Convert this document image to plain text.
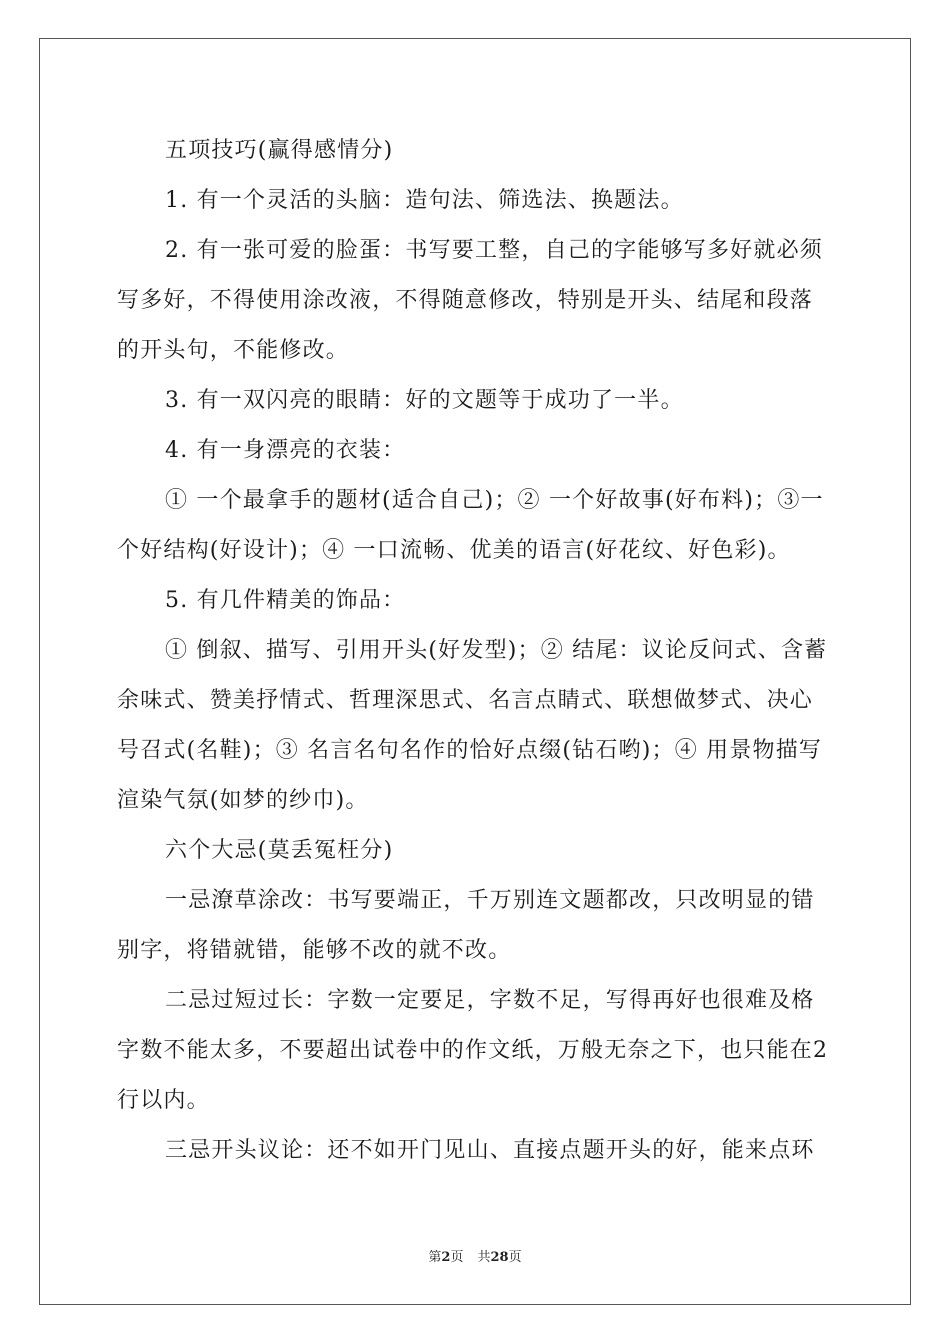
五项技巧(赢得感情分)

1. 有一个灵活的头脑：造句法、筛选法、换题法。

2. 有一张可爱的脸蛋：书写要工整，自己的字能够写多好就必须写多好，不得使用涂改液，不得随意修改，特别是开头、结尾和段落的开头句，不能修改。

3. 有一双闪亮的眼睛：好的文题等于成功了一半。

4. 有一身漂亮的衣装：

① 一个最拿手的题材(适合自己)；② 一个好故事(好布料)；③一个好结构(好设计)；④ 一口流畅、优美的语言(好花纹、好色彩)。

5. 有几件精美的饰品：

① 倒叙、描写、引用开头(好发型)；② 结尾：议论反问式、含蓄余味式、赞美抒情式、哲理深思式、名言点睛式、联想做梦式、决心号召式(名鞋)；③ 名言名句名作的恰好点缀(钻石哟)；④ 用景物描写渲染气氛(如梦的纱巾)。

六个大忌(莫丢冤枉分)

一忌潦草涂改：书写要端正，千万别连文题都改，只改明显的错别字，将错就错，能够不改的就不改。

二忌过短过长：字数一定要足，字数不足，写得再好也很难及格字数不能太多，不要超出试卷中的作文纸，万般无奈之下，也只能在2行以内。

三忌开头议论：还不如开门见山、直接点题开头的好，能来点环

第2页 共28页
